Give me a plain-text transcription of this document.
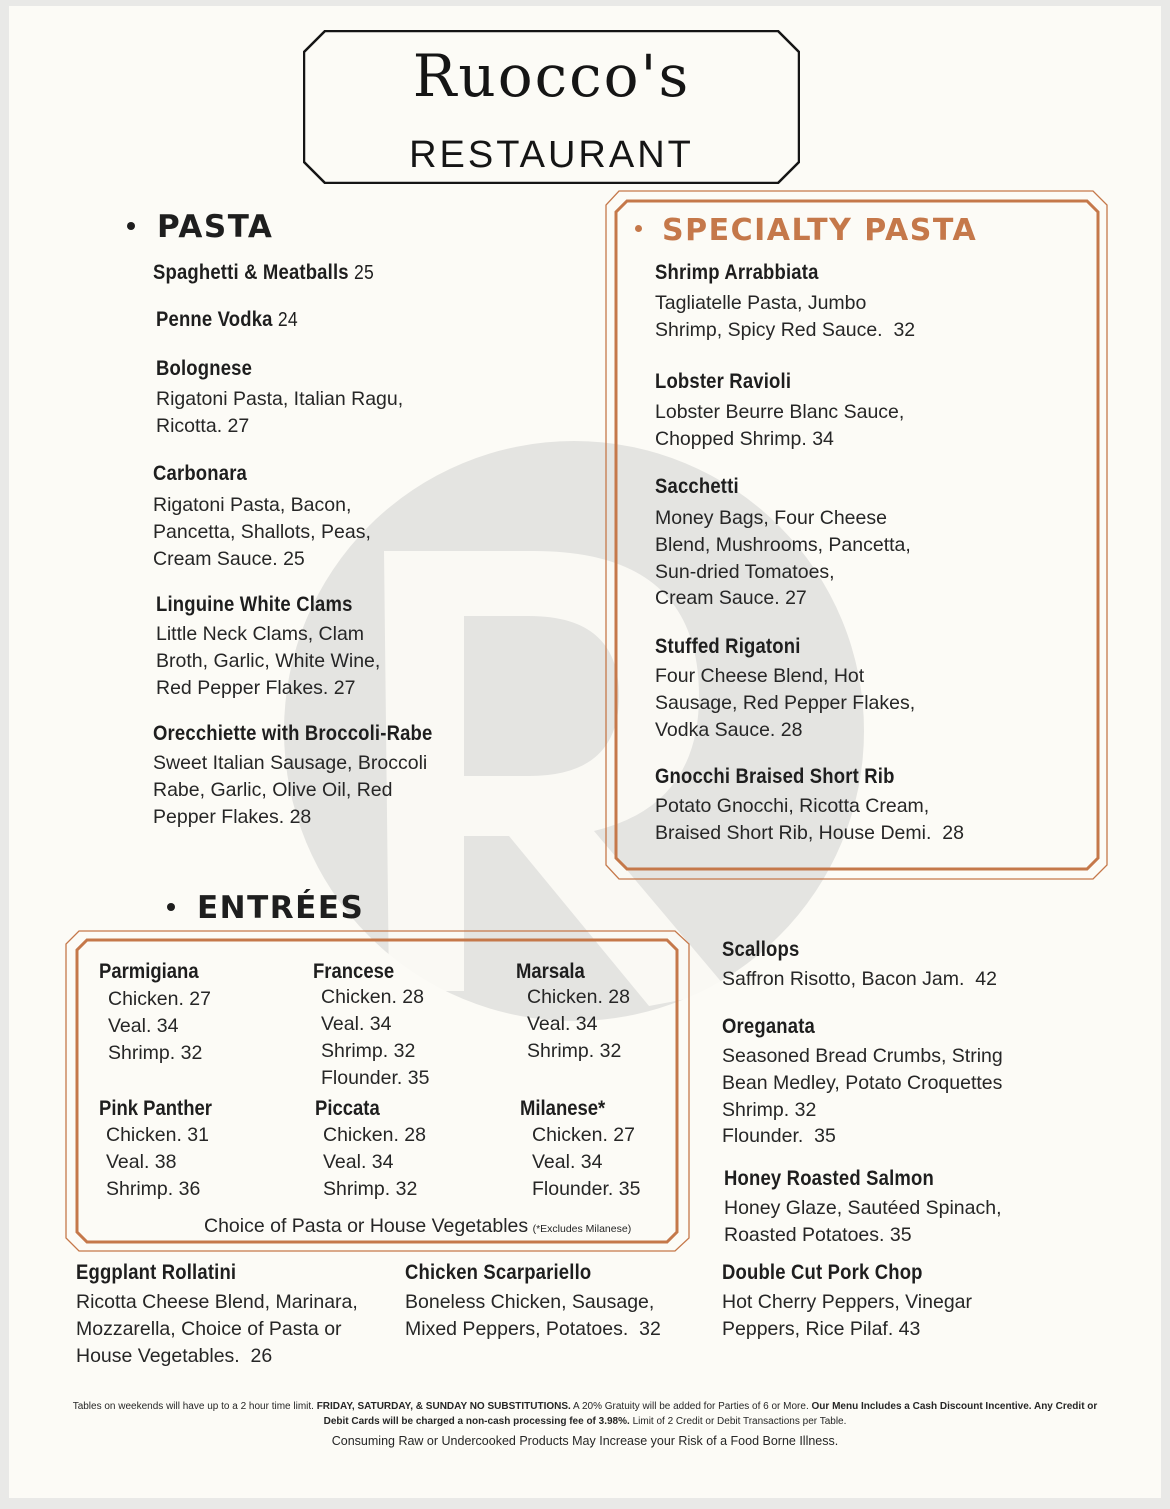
Ruocco's
RESTAURANT
PASTA
Spaghetti & Meatballs 25
Penne Vodka 24
Bolognese
Rigatoni Pasta, Italian Ragu,
Ricotta. 27
Carbonara
Rigatoni Pasta, Bacon,
Pancetta, Shallots, Peas,
Cream Sauce. 25
Linguine White Clams
Little Neck Clams, Clam
Broth, Garlic, White Wine,
Red Pepper Flakes. 27
Orecchiette with Broccoli-Rabe
Sweet Italian Sausage, Broccoli
Rabe, Garlic, Olive Oil, Red
Pepper Flakes. 28
SPECIALTY PASTA
Shrimp Arrabbiata
Tagliatelle Pasta, Jumbo
Shrimp, Spicy Red Sauce. 32
Lobster Ravioli
Lobster Beurre Blanc Sauce,
Chopped Shrimp. 34
Sacchetti
Money Bags, Four Cheese
Blend, Mushrooms, Pancetta,
Sun-dried Tomatoes,
Cream Sauce. 27
Stuffed Rigatoni
Four Cheese Blend, Hot
Sausage, Red Pepper Flakes,
Vodka Sauce. 28
Gnocchi Braised Short Rib
Potato Gnocchi, Ricotta Cream,
Braised Short Rib, House Demi. 28
ENTRÉES
Parmigiana
Chicken. 27
Veal. 34
Shrimp. 32
Francese
Chicken. 28
Veal. 34
Shrimp. 32
Flounder. 35
Marsala
Chicken. 28
Veal. 34
Shrimp. 32
Pink Panther
Chicken. 31
Veal. 38
Shrimp. 36
Piccata
Chicken. 28
Veal. 34
Shrimp. 32
Milanese*
Chicken. 27
Veal. 34
Flounder. 35
Choice of Pasta or House Vegetables (*Excludes Milanese)
Scallops
Saffron Risotto, Bacon Jam. 42
Oreganata
Seasoned Bread Crumbs, String
Bean Medley, Potato Croquettes
Shrimp. 32
Flounder. 35
Honey Roasted Salmon
Honey Glaze, Sautéed Spinach,
Roasted Potatoes. 35
Double Cut Pork Chop
Hot Cherry Peppers, Vinegar
Peppers, Rice Pilaf. 43
Eggplant Rollatini
Ricotta Cheese Blend, Marinara,
Mozzarella, Choice of Pasta or
House Vegetables. 26
Chicken Scarpariello
Boneless Chicken, Sausage,
Mixed Peppers, Potatoes. 32
Tables on weekends will have up to a 2 hour time limit. FRIDAY, SATURDAY, & SUNDAY NO SUBSTITUTIONS. A 20% Gratuity will be added for Parties of 6 or More. Our Menu Includes a Cash Discount Incentive. Any Credit or Debit Cards will be charged a non-cash processing fee of 3.98%. Limit of 2 Credit or Debit Transactions per Table.
Consuming Raw or Undercooked Products May Increase your Risk of a Food Borne Illness.
